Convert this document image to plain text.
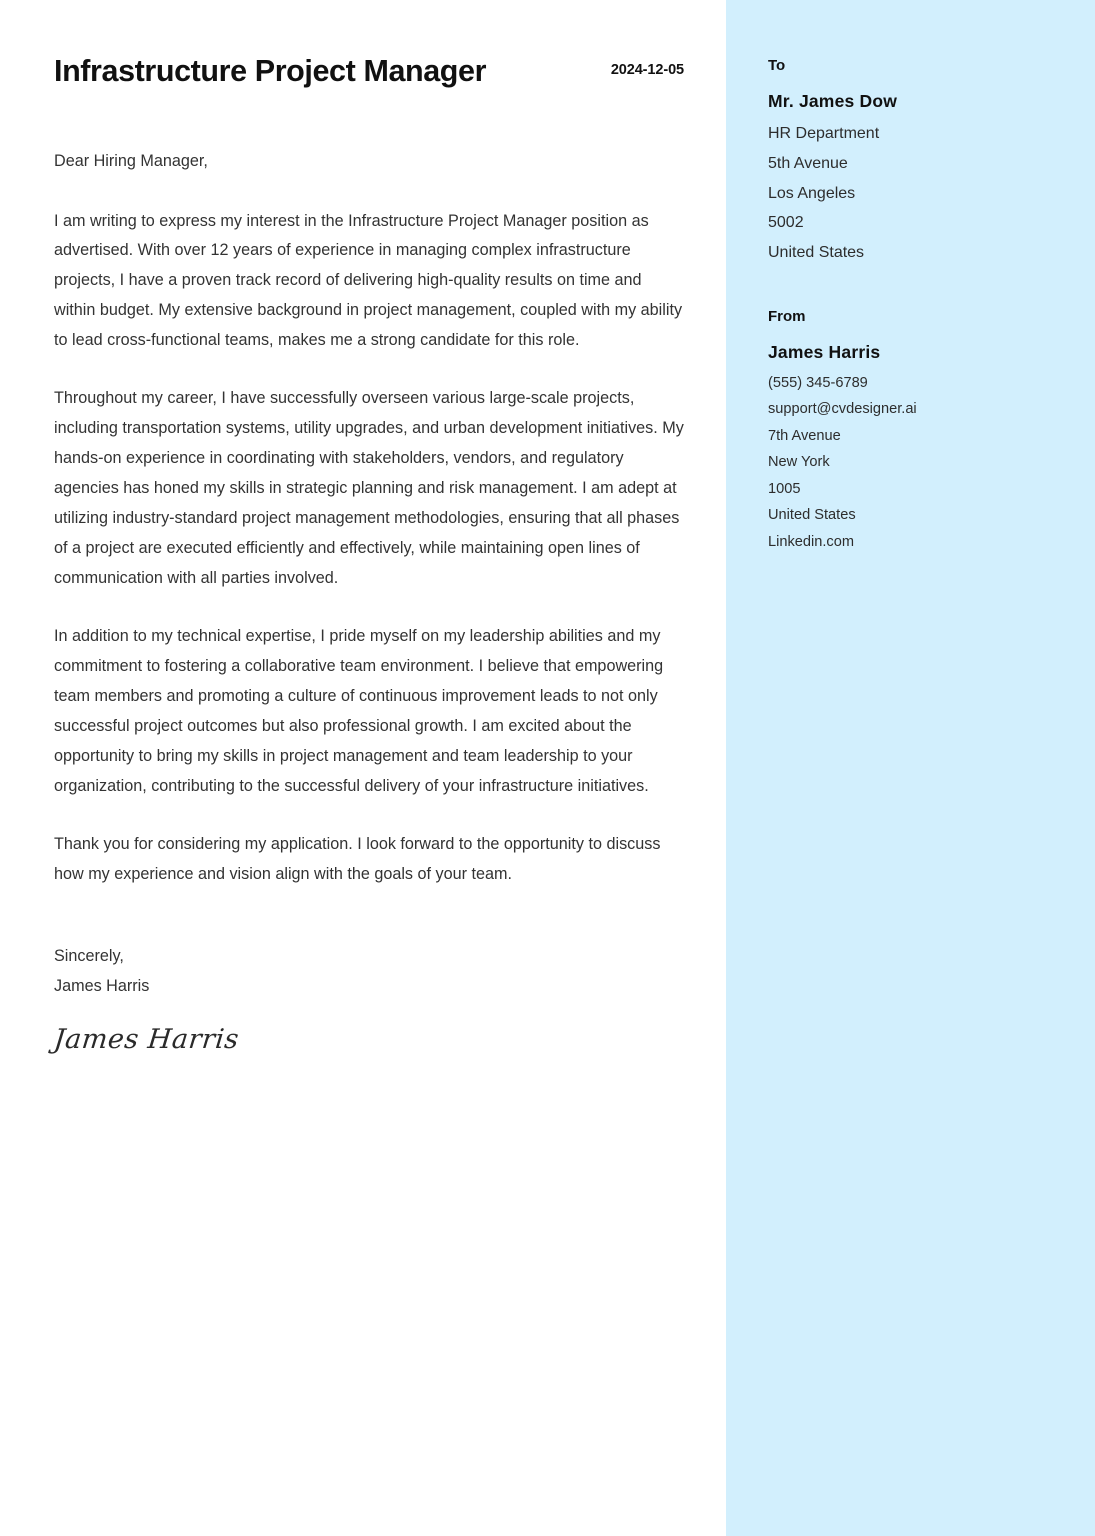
Infrastructure Project Manager	2024-12-05
Dear Hiring Manager,
I am writing to express my interest in the Infrastructure Project Manager position as advertised. With over 12 years of experience in managing complex infrastructure projects, I have a proven track record of delivering high-quality results on time and within budget. My extensive background in project management, coupled with my ability to lead cross-functional teams, makes me a strong candidate for this role.
Throughout my career, I have successfully overseen various large-scale projects, including transportation systems, utility upgrades, and urban development initiatives. My hands-on experience in coordinating with stakeholders, vendors, and regulatory agencies has honed my skills in strategic planning and risk management. I am adept at utilizing industry-standard project management methodologies, ensuring that all phases of a project are executed efficiently and effectively, while maintaining open lines of communication with all parties involved.
In addition to my technical expertise, I pride myself on my leadership abilities and my commitment to fostering a collaborative team environment. I believe that empowering team members and promoting a culture of continuous improvement leads to not only successful project outcomes but also professional growth. I am excited about the opportunity to bring my skills in project management and team leadership to your organization, contributing to the successful delivery of your infrastructure initiatives.
Thank you for considering my application. I look forward to the opportunity to discuss how my experience and vision align with the goals of your team.
Sincerely,
James Harris
James Harris
To
Mr. James Dow
HR Department
5th Avenue
Los Angeles
5002
United States
From
James Harris
(555) 345-6789
support@cvdesigner.ai
7th Avenue
New York
1005
United States
Linkedin.com
